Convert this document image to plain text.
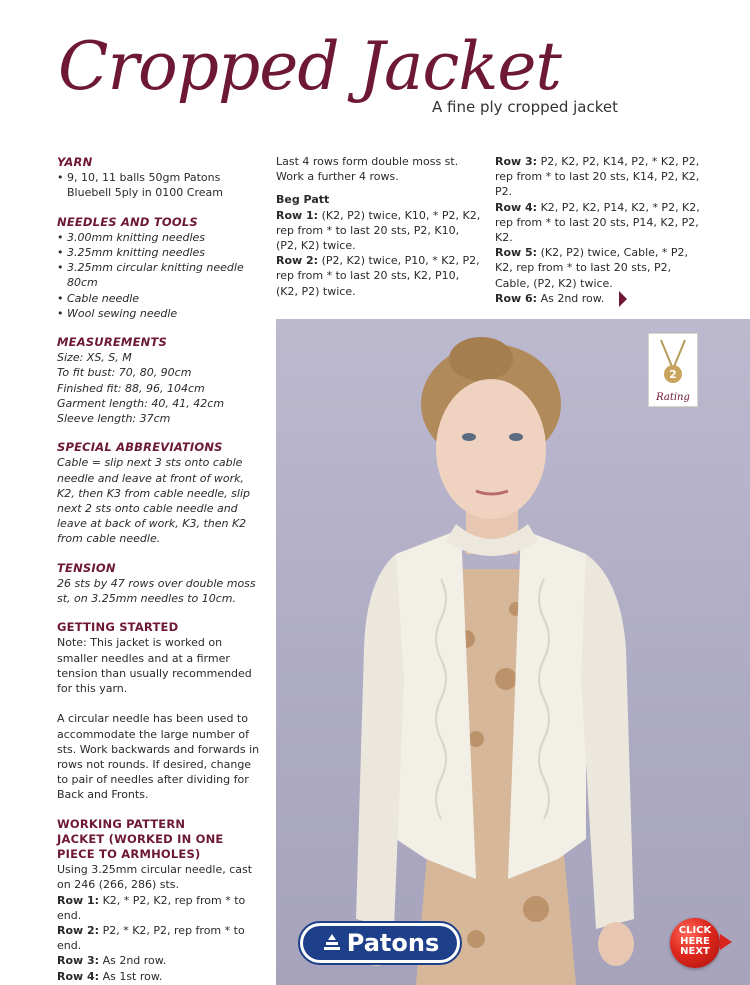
Cropped Jacket
A fine ply cropped jacket
YARN
• 9, 10, 11 balls 50gm Patons Bluebell 5ply in 0100 Cream
NEEDLES AND TOOLS
• 3.00mm knitting needles
• 3.25mm knitting needles
• 3.25mm circular knitting needle 80cm
• Cable needle
• Wool sewing needle
MEASUREMENTS
Size: XS, S, M
To fit bust: 70, 80, 90cm
Finished fit: 88, 96, 104cm
Garment length: 40, 41, 42cm
Sleeve length: 37cm
SPECIAL ABBREVIATIONS
Cable = slip next 3 sts onto cable needle and leave at front of work, K2, then K3 from cable needle, slip next 2 sts onto cable needle and leave at back of work, K3, then K2 from cable needle.
TENSION
26 sts by 47 rows over double moss st, on 3.25mm needles to 10cm.
GETTING STARTED
Note: This jacket is worked on smaller needles and at a firmer tension than usually recommended for this yarn.
A circular needle has been used to accommodate the large number of sts. Work backwards and forwards in rows not rounds. If desired, change to pair of needles after dividing for Back and Fronts.
WORKING PATTERN
JACKET (WORKED IN ONE PIECE TO ARMHOLES)
Using 3.25mm circular needle, cast on 246 (266, 286) sts.
Row 1: K2, * P2, K2, rep from * to end.
Row 2: P2, * K2, P2, rep from * to end.
Row 3: As 2nd row.
Row 4: As 1st row.
Last 4 rows form double moss st. Work a further 4 rows.
Beg Patt
Row 1: (K2, P2) twice, K10, * P2, K2, rep from * to last 20 sts, P2, K10, (P2, K2) twice.
Row 2: (P2, K2) twice, P10, * K2, P2, rep from * to last 20 sts, K2, P10, (K2, P2) twice.
Row 3: P2, K2, P2, K14, P2, * K2, P2, rep from * to last 20 sts, K14, P2, K2, P2.
Row 4: K2, P2, K2, P14, K2, * P2, K2, rep from * to last 20 sts, P14, K2, P2, K2.
Row 5: (K2, P2) twice, Cable, * P2, K2, rep from * to last 20 sts, P2, Cable, (P2, K2) twice.
Row 6: As 2nd row.
2
Rating
Patons	CLICK HERE NEXT
